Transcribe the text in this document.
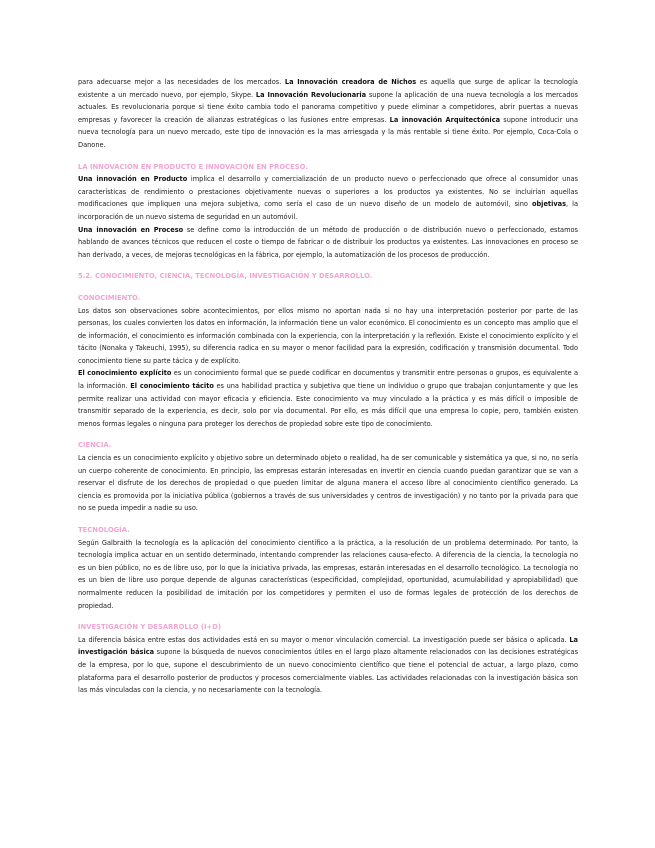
para adecuarse mejor a las necesidades de los mercados. La Innovación creadora de Nichos es aquella que surge de aplicar la tecnología existente a un mercado nuevo, por ejemplo, Skype. La Innovación Revolucionaria supone la aplicación de una nueva tecnología a los mercados actuales. Es revolucionaria porque si tiene éxito cambia todo el panorama competitivo y puede eliminar a competidores, abrir puertas a nuevas empresas y favorecer la creación de alianzas estratégicas o las fusiones entre empresas. La innovación Arquitectónica supone introducir una nueva tecnología para un nuevo mercado, este tipo de innovación es la mas arriesgada y la más rentable si tiene éxito. Por ejemplo, Coca-Cola o Danone.

LA INNOVACIÓN EN PRODUCTO E INNOVACIÓN EN PROCESO.

Una innovación en Producto implica el desarrollo y comercialización de un producto nuevo o perfeccionado que ofrece al consumidor unas características de rendimiento o prestaciones objetivamente nuevas o superiores a los productos ya existentes. No se incluirían aquellas modificaciones que impliquen una mejora subjetiva, como sería el caso de un nuevo diseño de un modelo de automóvil, sino objetivas, la incorporación de un nuevo sistema de seguridad en un automóvil.

Una innovación en Proceso se define como la introducción de un método de producción o de distribución nuevo o perfeccionado, estamos hablando de avances técnicos que reducen el coste o tiempo de fabricar o de distribuir los productos ya existentes. Las innovaciones en proceso se han derivado, a veces, de mejoras tecnológicas en la fábrica, por ejemplo, la automatización de los procesos de producción.

5.2. CONOCIMIENTO, CIENCIA, TECNOLOGÍA, INVESTIGACIÓN Y DESARROLLO.

CONOCIMIENTO.

Los datos son observaciones sobre acontecimientos, por ellos mismo no aportan nada si no hay una interpretación posterior por parte de las personas, los cuales convierten los datos en información, la información tiene un valor económico. El conocimiento es un concepto mas amplio que el de información, el conocimiento es información combinada con la experiencia, con la interpretación y la reflexión. Existe el conocimiento explícito y el tácito (Nonaka y Takeuchi, 1995), su diferencia radica en su mayor o menor facilidad para la expresión, codificación y transmisión documental. Todo conocimiento tiene su parte tácica y de explícito.

El conocimiento explícito es un conocimiento formal que se puede codificar en documentos y transmitir entre personas o grupos, es equivalente a la información. El conocimiento tácito es una habilidad practica y subjetiva que tiene un individuo o grupo que trabajan conjuntamente y que les permite realizar una actividad con mayor eficacia y eficiencia. Este conocimiento va muy vinculado a la práctica y es más difícil o imposible de transmitir separado de la experiencia, es decir, solo por vía documental. Por ello, es más difícil que una empresa lo copie, pero, también existen menos formas legales o ninguna para proteger los derechos de propiedad sobre este tipo de conocimiento.

CIENCIA.

La ciencia es un conocimiento explícito y objetivo sobre un determinado objeto o realidad, ha de ser comunicable y sistemática ya que, si no, no sería un cuerpo coherente de conocimiento. En principio, las empresas estarán interesadas en invertir en ciencia cuando puedan garantizar que se van a reservar el disfrute de los derechos de propiedad o que pueden limitar de alguna manera el acceso libre al conocimiento científico generado. La ciencia es promovida por la iniciativa pública (gobiernos a través de sus universidades y centros de investigación) y no tanto por la privada para que no se pueda impedir a nadie su uso.

TECNOLOGÍA.

Según Galbraith la tecnología es la aplicación del conocimiento científico a la práctica, a la resolución de un problema determinado. Por tanto, la tecnología implica actuar en un sentido determinado, intentando comprender las relaciones causa-efecto. A diferencia de la ciencia, la tecnología no es un bien público, no es de libre uso, por lo que la iniciativa privada, las empresas, estarán interesadas en el desarrollo tecnológico. La tecnología no es un bien de libre uso porque depende de algunas características (especificidad, complejidad, oportunidad, acumulabilidad y apropiabilidad) que normalmente reducen la posibilidad de imitación por los competidores y permiten el uso de formas legales de protección de los derechos de propiedad.

INVESTIGACIÓN Y DESARROLLO (I+D)

La diferencia básica entre estas dos actividades está en su mayor o menor vinculación comercial. La investigación puede ser básica o aplicada. La investigación básica supone la búsqueda de nuevos conocimientos útiles en el largo plazo altamente relacionados con las decisiones estratégicas de la empresa, por lo que, supone el descubrimiento de un nuevo conocimiento científico que tiene el potencial de actuar, a largo plazo, como plataforma para el desarrollo posterior de productos y procesos comercialmente viables. Las actividades relacionadas con la investigación básica son las más vinculadas con la ciencia, y no necesariamente con la tecnología.
